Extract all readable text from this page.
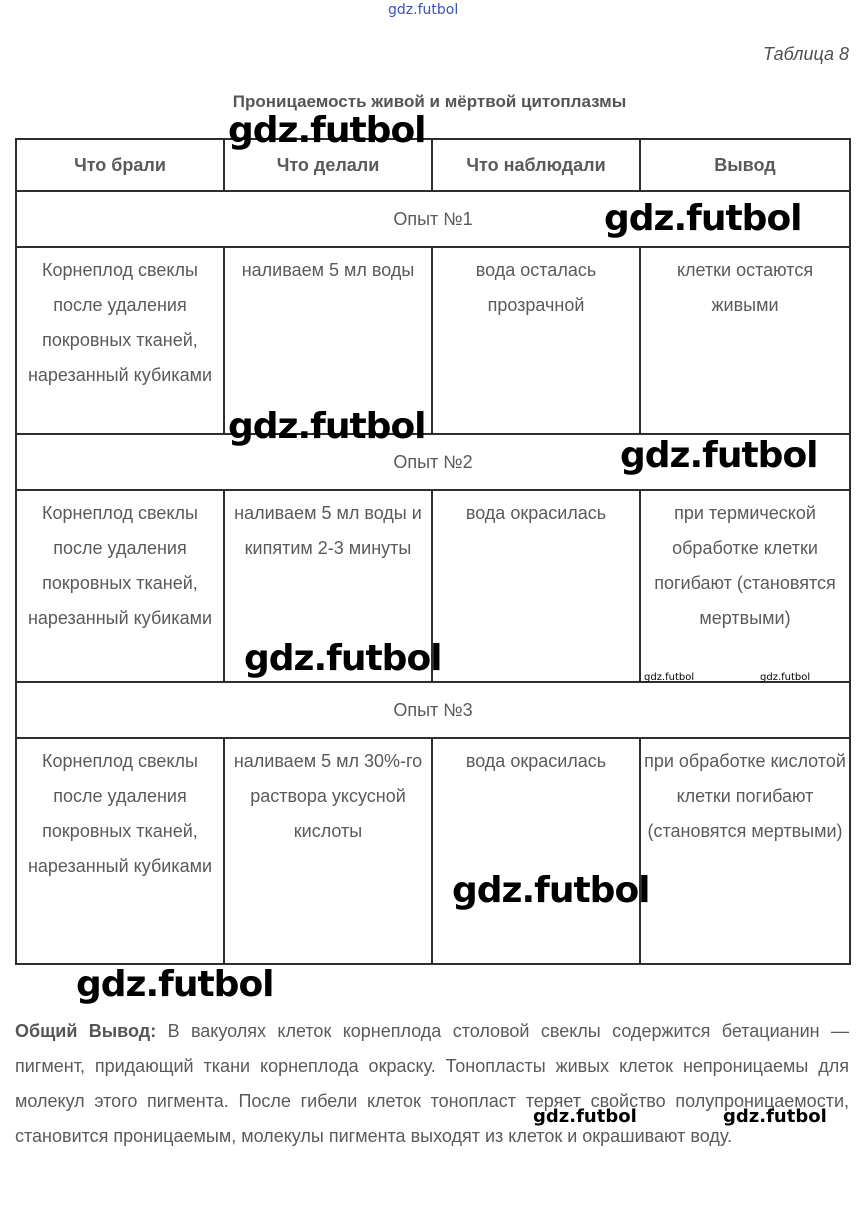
gdz.futbol
Таблица 8
Проницаемость живой и мёртвой цитоплазмы
Что брали	Что делали	Что наблюдали	Вывод
Опыт №1			

Корнеплод свеклы после удаления покровных тканей, нарезанный кубиками	наливаем 5 мл воды	вода осталась прозрачной	клетки остаются живыми

Опыт №2			

Корнеплод свеклы после удаления покровных тканей, нарезанный кубиками	наливаем 5 мл воды и кипятим 2-3 минуты	вода окрасилась	при термической обработке клетки погибают (становятся мертвыми)

Опыт №3			

Корнеплод свеклы после удаления покровных тканей, нарезанный кубиками	наливаем 5 мл 30%-го раствора уксусной кислоты	вода окрасилась	при обработке кислотой клетки погибают (становятся мертвыми)
Общий Вывод: В вакуолях клеток корнеплода столовой свеклы содержится бетацианин — пигмент, придающий ткани корнеплода окраску. Тонопласты живых клеток непроницаемы для молекул этого пигмента. После гибели клеток тонопласт теряет свойство полупроницаемости, становится проницаемым, молекулы пигмента выходят из клеток и окрашивают воду.
gdz.futbol
gdz.futbol
gdz.futbol
gdz.futbol
gdz.futbol	gdz.futbol	gdz.futbol
gdz.futbol
gdz.futbol
gdz.futbol	gdz.futbol
